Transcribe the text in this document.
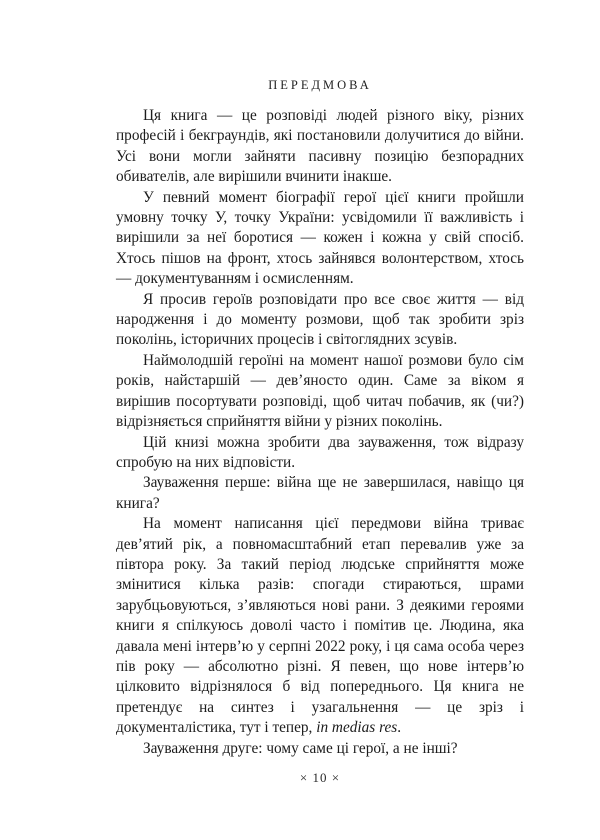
ПЕРЕДМОВА

Ця книга — це розповіді людей різного віку, різних професій і бекграундів, які постановили долучитися до війни. Усі вони могли зайняти пасивну позицію безпорадних обивателів, але вирішили вчинити інакше.

У певний момент біографії герої цієї книги пройшли умовну точку У, точку України: усвідомили її важливість і вирішили за неї боротися — кожен і кожна у свій спосіб. Хтось пішов на фронт, хтось зайнявся волонтерством, хтось — документуванням і осмисленням.

Я просив героїв розповідати про все своє життя — від народження і до моменту розмови, щоб так зробити зріз поколінь, історичних процесів і світоглядних зсувів.

Наймолодшій героїні на момент нашої розмови було сім років, найстаршій — дев’яносто один. Саме за віком я вирішив посортувати розповіді, щоб читач побачив, як (чи?) відрізняється сприйняття війни у різних поколінь.

Цій книзі можна зробити два зауваження, тож відразу спробую на них відповісти.

Зауваження перше: війна ще не завершилася, навіщо ця книга?

На момент написання цієї передмови війна триває дев’ятий рік, а повномасштабний етап перевалив уже за півтора року. За такий період людське сприйняття може змінитися кілька разів: спогади стираються, шрами зарубцьовуються, з’являються нові рани. З деякими героями книги я спілкуюсь доволі часто і помітив це. Людина, яка давала мені інтерв’ю у серпні 2022 року, і ця сама особа через пів року — абсолютно різні. Я певен, що нове інтерв’ю цілковито відрізнялося б від попереднього. Ця книга не претендує на синтез і узагальнення — це зріз і документалістика, тут і тепер, in medias res.

Зауваження друге: чому саме ці герої, а не інші?

× 10 ×
